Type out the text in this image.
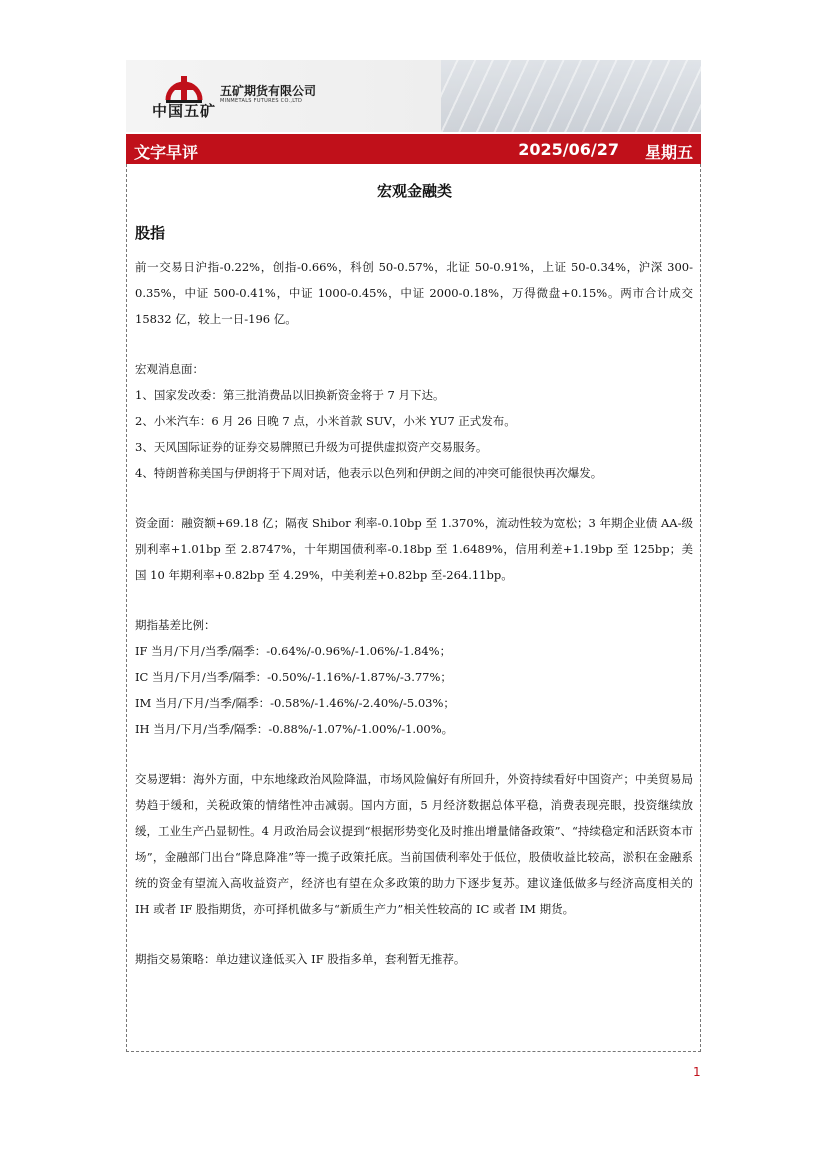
中国五矿
五矿期货有限公司
MINMETALS FUTURES CO.,LTD
文字早评	2025/06/27 星期五
宏观金融类
股指

前一交易日沪指-0.22%，创指-0.66%，科创 50-0.57%，北证 50-0.91%，上证 50-0.34%，沪深 300-0.35%，中证 500-0.41%，中证 1000-0.45%，中证 2000-0.18%，万得微盘+0.15%。两市合计成交 15832 亿，较上一日-196 亿。

宏观消息面：

1、国家发改委：第三批消费品以旧换新资金将于 7 月下达。

2、小米汽车：6 月 26 日晚 7 点，小米首款 SUV，小米 YU7 正式发布。

3、天风国际证券的证券交易牌照已升级为可提供虚拟资产交易服务。

4、特朗普称美国与伊朗将于下周对话，他表示以色列和伊朗之间的冲突可能很快再次爆发。

资金面：融资额+69.18 亿；隔夜 Shibor 利率-0.10bp 至 1.370%，流动性较为宽松；3 年期企业债 AA-级别利率+1.01bp 至 2.8747%，十年期国债利率-0.18bp 至 1.6489%，信用利差+1.19bp 至 125bp；美国 10 年期利率+0.82bp 至 4.29%，中美利差+0.82bp 至-264.11bp。

期指基差比例：

IF 当月/下月/当季/隔季：-0.64%/-0.96%/-1.06%/-1.84%；

IC 当月/下月/当季/隔季：-0.50%/-1.16%/-1.87%/-3.77%；

IM 当月/下月/当季/隔季：-0.58%/-1.46%/-2.40%/-5.03%；

IH 当月/下月/当季/隔季：-0.88%/-1.07%/-1.00%/-1.00%。

交易逻辑：海外方面，中东地缘政治风险降温，市场风险偏好有所回升，外资持续看好中国资产；中美贸易局势趋于缓和，关税政策的情绪性冲击减弱。国内方面，5 月经济数据总体平稳，消费表现亮眼，投资继续放缓，工业生产凸显韧性。4 月政治局会议提到“根据形势变化及时推出增量储备政策”、“持续稳定和活跃资本市场”，金融部门出台“降息降准”等一揽子政策托底。当前国债利率处于低位，股债收益比较高，淤积在金融系统的资金有望流入高收益资产，经济也有望在众多政策的助力下逐步复苏。建议逢低做多与经济高度相关的 IH 或者 IF 股指期货，亦可择机做多与“新质生产力”相关性较高的 IC 或者 IM 期货。

期指交易策略：单边建议逢低买入 IF 股指多单，套利暂无推荐。

1
